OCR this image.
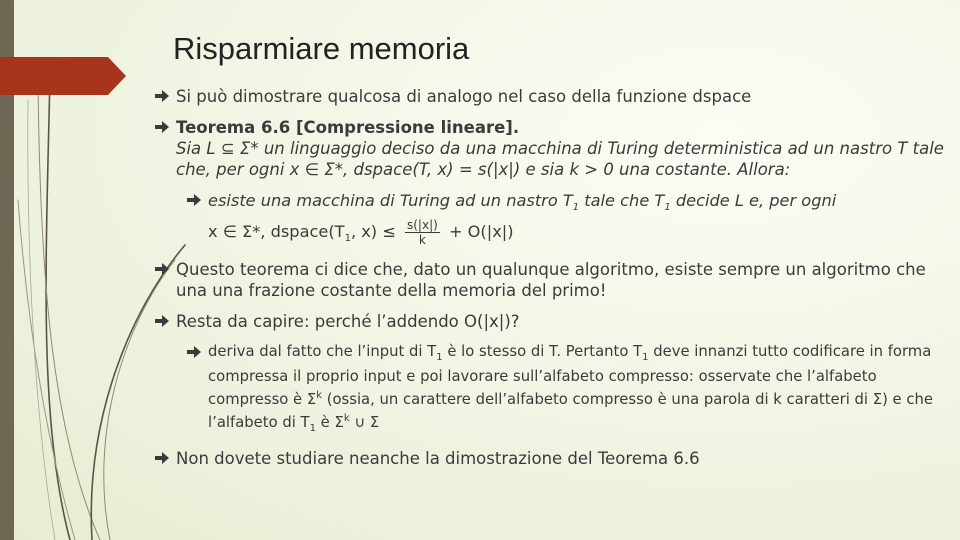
Risparmiare memoria
Si può dimostrare qualcosa di analogo nel caso della funzione dspace
Teorema 6.6 [Compressione lineare].
Sia L ⊆ Σ* un linguaggio deciso da una macchina di Turing deterministica ad un nastro T tale che, per ogni x ∈ Σ*, dspace(T, x) = s(|x|) e sia k > 0 una costante. Allora:
esiste una macchina di Turing ad un nastro $T_1$ tale che $T_1$ decide L e, per ogni
x ∈ Σ*, $dspace(T_1$, $x) \le \frac{s(|x|)}{k} + O(|x|)$
Questo teorema ci dice che, dato un qualunque algoritmo, esiste sempre un algoritmo che una una frazione costante della memoria del primo!
Resta da capire: perché l’addendo O(|x|)?
deriva dal fatto che l’input di $T_1$ è lo stesso di T. Pertanto $T_1$ deve innanzi tutto codificare in forma compressa il proprio input e poi lavorare sull’alfabeto compresso: osservate che l’alfabeto compresso è $\Sigma^k$ (ossia, un carattere dell’alfabeto compresso è una parola di k caratteri di Σ) e che l’alfabeto di $T_1$ è $\Sigma^k$ ∪ Σ
Non dovete studiare neanche la dimostrazione del Teorema 6.6
